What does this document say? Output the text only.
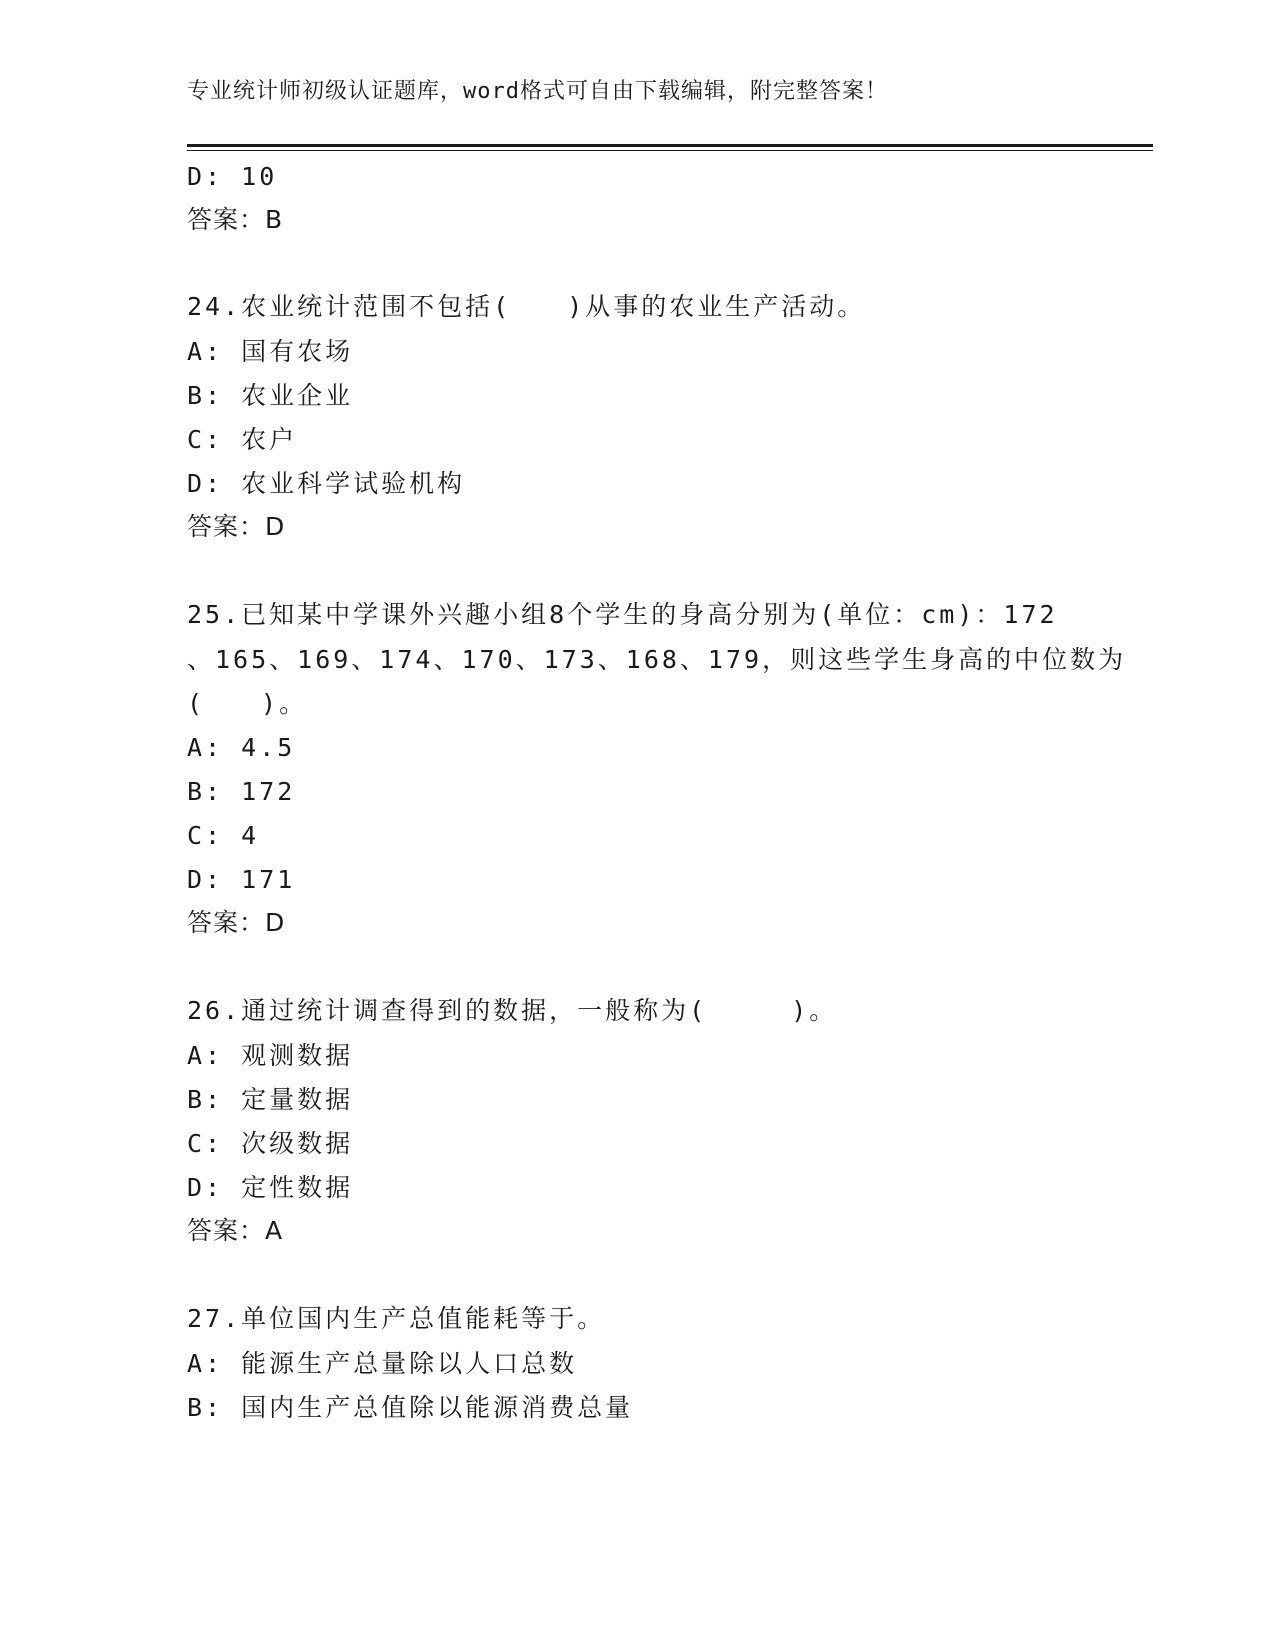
专业统计师初级认证题库，word格式可自由下载编辑，附完整答案！
D: 10
答案：B
24.农业统计范围不包括(　　)从事的农业生产活动。
A: 国有农场
B: 农业企业
C: 农户
D: 农业科学试验机构
答案：D
25.已知某中学课外兴趣小组8个学生的身高分别为(单位：cm)：172
、165、169、174、170、173、168、179，则这些学生身高的中位数为
(　　)。
A: 4.5
B: 172
C: 4
D: 171
答案：D
26.通过统计调查得到的数据，一般称为(　　　)。
A: 观测数据
B: 定量数据
C: 次级数据
D: 定性数据
答案：A
27.单位国内生产总值能耗等于。
A: 能源生产总量除以人口总数
B: 国内生产总值除以能源消费总量
